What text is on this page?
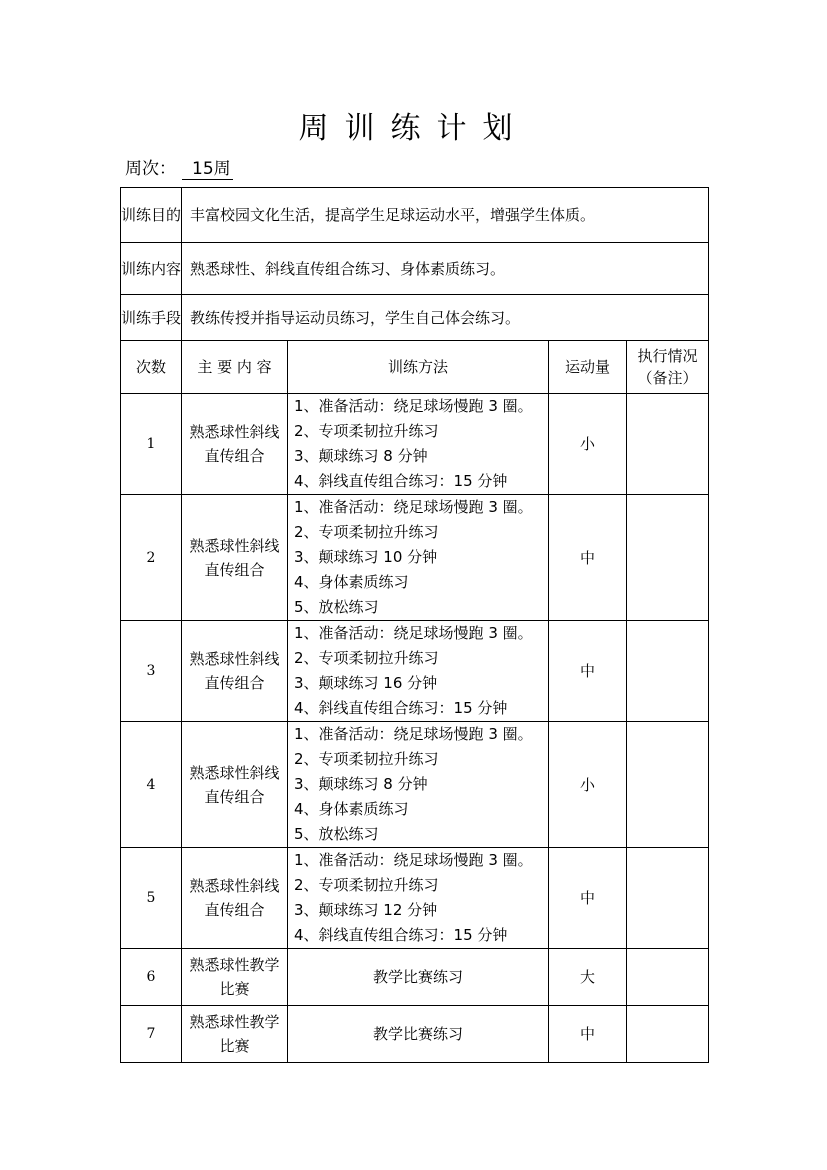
周训练计划
周次： 15周
训练目的	丰富校园文化生活，提高学生足球运动水平，增强学生体质。			
训练内容	熟悉球性、斜线直传组合练习、身体素质练习。			
训练手段	教练传授并指导运动员练习，学生自己体会练习。			
次数	主 要 内 容	训练方法	运动量	执行情况（备注）
1	熟悉球性斜线直传组合	1、准备活动：绕足球场慢跑 3 圈。
2、专项柔韧拉升练习
3、颠球练习 8 分钟
4、斜线直传组合练习：15 分钟	小	
2	熟悉球性斜线直传组合	1、准备活动：绕足球场慢跑 3 圈。
2、专项柔韧拉升练习
3、颠球练习 10 分钟
4、身体素质练习
5、放松练习	中	
3	熟悉球性斜线直传组合	1、准备活动：绕足球场慢跑 3 圈。
2、专项柔韧拉升练习
3、颠球练习 16 分钟
4、斜线直传组合练习：15 分钟	中	
4	熟悉球性斜线直传组合	1、准备活动：绕足球场慢跑 3 圈。
2、专项柔韧拉升练习
3、颠球练习 8 分钟
4、身体素质练习
5、放松练习	小	
5	熟悉球性斜线直传组合	1、准备活动：绕足球场慢跑 3 圈。
2、专项柔韧拉升练习
3、颠球练习 12 分钟
4、斜线直传组合练习：15 分钟	中	
6	熟悉球性教学比赛	教学比赛练习	大	
7	熟悉球性教学比赛	教学比赛练习	中	
